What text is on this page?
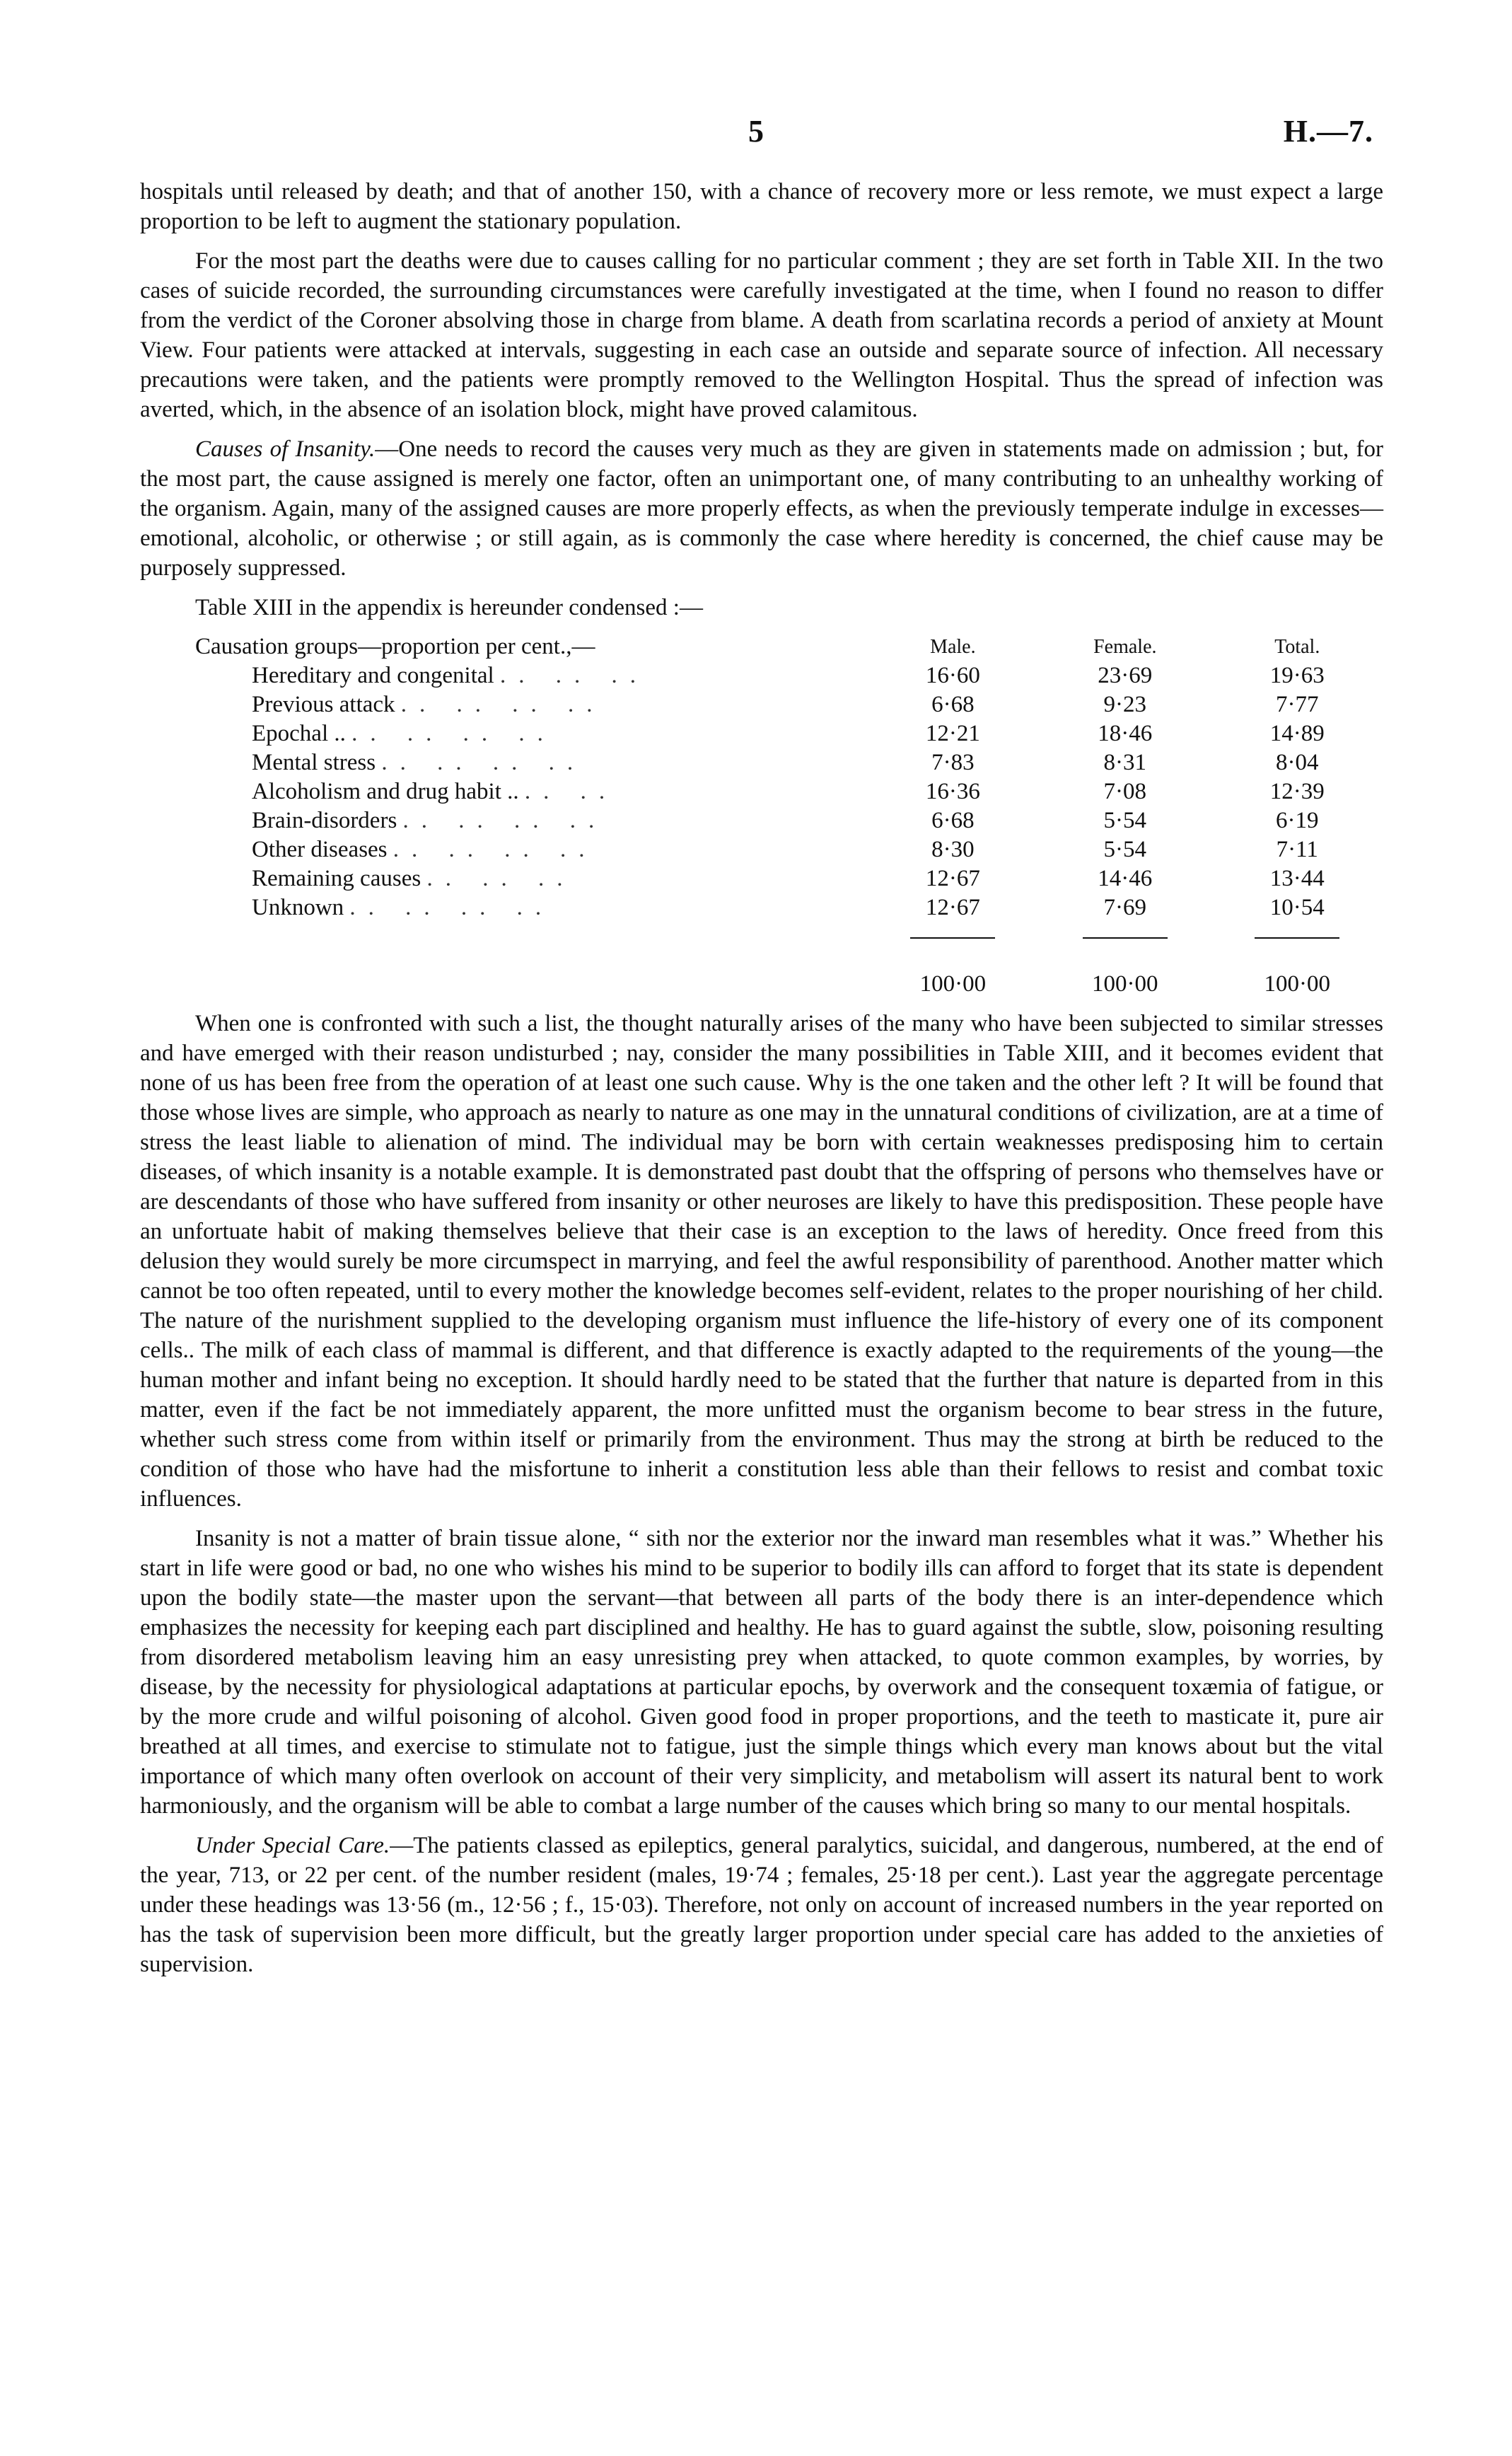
5	H.—7.

hospitals until released by death; and that of another 150, with a chance of recovery more or less remote, we must expect a large proportion to be left to augment the stationary population.

For the most part the deaths were due to causes calling for no particular comment ; they are set forth in Table XII. In the two cases of suicide recorded, the surrounding circumstances were carefully investigated at the time, when I found no reason to differ from the verdict of the Coroner absolving those in charge from blame. A death from scarlatina records a period of anxiety at Mount View. Four patients were attacked at intervals, suggesting in each case an outside and separate source of infection. All necessary precautions were taken, and the patients were promptly removed to the Wellington Hospital. Thus the spread of infection was averted, which, in the absence of an isolation block, might have proved calamitous.

Causes of Insanity.—One needs to record the causes very much as they are given in statements made on admission ; but, for the most part, the cause assigned is merely one factor, often an unimportant one, of many contributing to an unhealthy working of the organism. Again, many of the assigned causes are more properly effects, as when the previously temperate indulge in excesses—emotional, alcoholic, or otherwise ; or still again, as is commonly the case where heredity is concerned, the chief cause may be purposely suppressed.

Table XIII in the appendix is hereunder condensed :—

Causation groups—proportion per cent.,—	Male.	Female.	Total.
Hereditary and congenital .. .. ..	16·60	23·69	19·63
Previous attack .. .. .. ..	6·68	9·23	7·77
Epochal .. .. .. .. ..	12·21	18·46	14·89
Mental stress .. .. .. ..	7·83	8·31	8·04
Alcoholism and drug habit .. .. ..	16·36	7·08	12·39
Brain-disorders .. .. .. ..	6·68	5·54	6·19
Other diseases .. .. .. ..	8·30	5·54	7·11
Remaining causes .. .. ..	12·67	14·46	13·44
Unknown .. .. .. ..	12·67	7·69	10·54

	100·00	100·00	100·00

When one is confronted with such a list, the thought naturally arises of the many who have been subjected to similar stresses and have emerged with their reason undisturbed ; nay, consider the many possibilities in Table XIII, and it becomes evident that none of us has been free from the operation of at least one such cause. Why is the one taken and the other left ? It will be found that those whose lives are simple, who approach as nearly to nature as one may in the unnatural conditions of civilization, are at a time of stress the least liable to alienation of mind. The individual may be born with certain weaknesses predisposing him to certain diseases, of which insanity is a notable example. It is demonstrated past doubt that the offspring of persons who themselves have or are descendants of those who have suffered from insanity or other neuroses are likely to have this predisposition. These people have an unfortuate habit of making themselves believe that their case is an exception to the laws of heredity. Once freed from this delusion they would surely be more circumspect in marrying, and feel the awful responsibility of parenthood. Another matter which cannot be too often repeated, until to every mother the knowledge becomes self-evident, relates to the proper nourishing of her child. The nature of the nurishment supplied to the developing organism must influence the life-history of every one of its component cells.. The milk of each class of mammal is different, and that difference is exactly adapted to the requirements of the young—the human mother and infant being no exception. It should hardly need to be stated that the further that nature is departed from in this matter, even if the fact be not immediately apparent, the more unfitted must the organism become to bear stress in the future, whether such stress come from within itself or primarily from the environment. Thus may the strong at birth be reduced to the condition of those who have had the misfortune to inherit a constitution less able than their fellows to resist and combat toxic influences.

Insanity is not a matter of brain tissue alone, “ sith nor the exterior nor the inward man resembles what it was.” Whether his start in life were good or bad, no one who wishes his mind to be superior to bodily ills can afford to forget that its state is dependent upon the bodily state—the master upon the servant—that between all parts of the body there is an inter-dependence which emphasizes the necessity for keeping each part disciplined and healthy. He has to guard against the subtle, slow, poisoning resulting from disordered metabolism leaving him an easy unresisting prey when attacked, to quote common examples, by worries, by disease, by the necessity for physiological adaptations at particular epochs, by overwork and the consequent toxæmia of fatigue, or by the more crude and wilful poisoning of alcohol. Given good food in proper proportions, and the teeth to masticate it, pure air breathed at all times, and exercise to stimulate not to fatigue, just the simple things which every man knows about but the vital importance of which many often overlook on account of their very simplicity, and metabolism will assert its natural bent to work harmoniously, and the organism will be able to combat a large number of the causes which bring so many to our mental hospitals.

Under Special Care.—The patients classed as epileptics, general paralytics, suicidal, and dangerous, numbered, at the end of the year, 713, or 22 per cent. of the number resident (males, 19·74 ; females, 25·18 per cent.). Last year the aggregate percentage under these headings was 13·56 (m., 12·56 ; f., 15·03). Therefore, not only on account of increased numbers in the year reported on has the task of supervision been more difficult, but the greatly larger proportion under special care has added to the anxieties of supervision.
